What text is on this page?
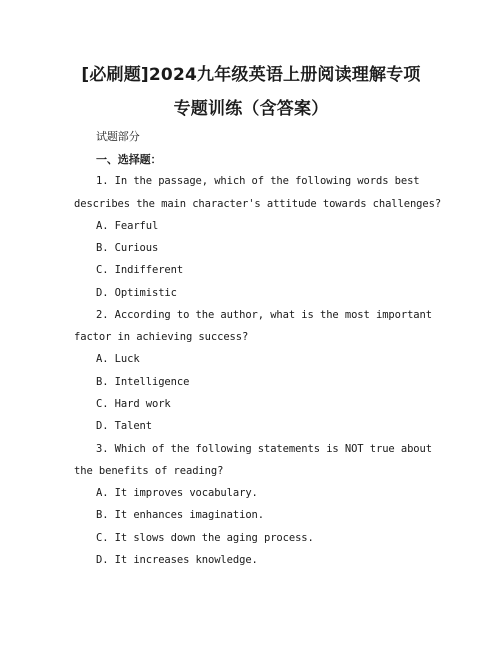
[必刷题]2024九年级英语上册阅读理解专项
专题训练（含答案）
试题部分
一、选择题：
1. In the passage, which of the following words best
describes the main character's attitude towards challenges?
A. Fearful
B. Curious
C. Indifferent
D. Optimistic
2. According to the author, what is the most important
factor in achieving success?
A. Luck
B. Intelligence
C. Hard work
D. Talent
3. Which of the following statements is NOT true about
the benefits of reading?
A. It improves vocabulary.
B. It enhances imagination.
C. It slows down the aging process.
D. It increases knowledge.
